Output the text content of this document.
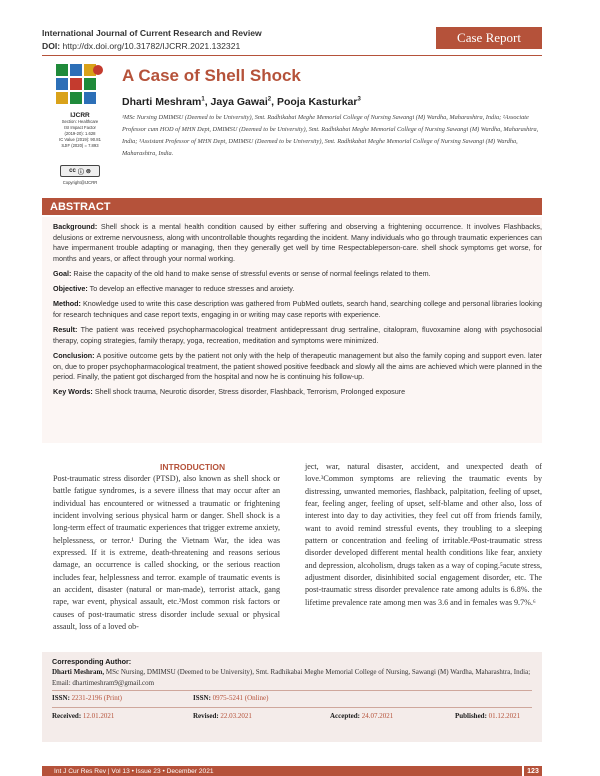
International Journal of Current Research and Review
DOI: http://dx.doi.org/10.31782/IJCRR.2021.132321
Case Report
IJCRR
Section: Healthcare
ISI Impact Factor
(2019-20): 1.628
IC Value (2019): 90.81
SJIF (2020) = 7.893
cc ⓘ ⊜
Copyright@IJCRR
A Case of Shell Shock
Dharti Meshram$^1$, Jaya Gawai$^2$, Pooja Kasturkar$^3$
¹MSc Nursing DMIMSU (Deemed to be University), Smt. Radhikabai Meghe Memorial College of Nursing Sawangi (M) Wardha, Maharashtra, India; ²Associate Professor cum HOD of MHN Dept, DMIMSU (Deemed to be University), Smt. Radhikabai Meghe Memorial College of Nursing Sawangi (M) Wardha, Maharashtra, India; ³Assistant Professor of MHN Dept, DMIMSU (Deemed to be University), Smt. Radhikabai Meghe Memorial College of Nursing Sawangi (M) Wardha, Maharashtra, India.
ABSTRACT

Background: Shell shock is a mental health condition caused by either suffering and observing a frightening occurrence. It involves Flashbacks, delusions or extreme nervousness, along with uncontrollable thoughts regarding the incident. Many individuals who go through traumatic experiences can have impermanent trouble adapting or managing, then they generally get well by time Respectableperson-care. shell shock symptoms get worse, for months and years, or affect through your normal working.

Goal: Raise the capacity of the old hand to make sense of stressful events or sense of normal feelings related to them.

Objective: To develop an effective manager to reduce stresses and anxiety.

Method: Knowledge used to write this case description was gathered from PubMed outlets, search hand, searching college and personal libraries looking for research techniques and case report texts, engaging in or writing may case reports with experience.

Result: The patient was received psychopharmacological treatment antidepressant drug sertraline, citalopram, fluvoxamine along with psychosocial therapy, coping strategies, family therapy, yoga, recreation, meditation and symptoms were minimized.

Conclusion: A positive outcome gets by the patient not only with the help of therapeutic management but also the family coping and support even. later on, due to proper psychopharmacological treatment, the patient showed positive feedback and slowly all the aims are achieved which were planned in the period. Finally, the patient got discharged from the hospital and now he is continuing his follow-up.

Key Words: Shell shock trauma, Neurotic disorder, Stress disorder, Flashback, Terrorism, Prolonged exposure

INTRODUCTION

Post-traumatic stress disorder (PTSD), also known as shell shock or battle fatigue syndromes, is a severe illness that may occur after an individual has encountered or witnessed a traumatic or frightening incident involving serious physical harm or danger. Shell shock is a long-term effect of traumatic experiences that trigger extreme anxiety, helplessness, or terror.¹ During the Vietnam War, the idea was expressed. If it is extreme, death-threatening and reasons serious damage, an occurrence is called shocking, or the serious reaction includes fear, helplessness and terror. example of traumatic events is an accident, disaster (natural or man-made), terrorist attack, gang rape, war event, physical assault, etc.²Most common risk factors or causes of post-traumatic stress disorder include sexual or physical assault, loss of a loved ob-

ject, war, natural disaster, accident, and unexpected death of love.³Common symptoms are relieving the traumatic events by distressing, unwanted memories, flashback, palpitation, feeling of upset, fear, feeling anger, feeling of upset, self-blame and other also, loss of interest into day to day activities, they feel cut off from friends family, want to avoid remind stressful events, they troubling to a sleeping pattern or concentration and feeling of irritable.⁴Post-traumatic stress disorder developed different mental health conditions like fear, anxiety and depression, alcoholism, drugs taken as a way of coping.⁵acute stress, adjustment disorder, disinhibited social engagement disorder, etc. The post-traumatic stress disorder prevalence rate among adults is 6.8%. the lifetime prevalence rate among men was 3.6 and in females was 9.7%.⁶

Corresponding Author:
Dharti Meshram, MSc Nursing, DMIMSU (Deemed to be University), Smt. Radhikabai Meghe Memorial College of Nursing, Sawangi (M) Wardha, Maharashtra, India; Email: dhartimeshram9@gmail.com
ISSN: 2231-2196 (Print)	ISSN: 0975-5241 (Online)
Received: 12.01.2021	Revised: 22.03.2021	Accepted: 24.07.2021	Published: 01.12.2021
Int J Cur Res Rev | Vol 13 • Issue 23 • December 2021	123
